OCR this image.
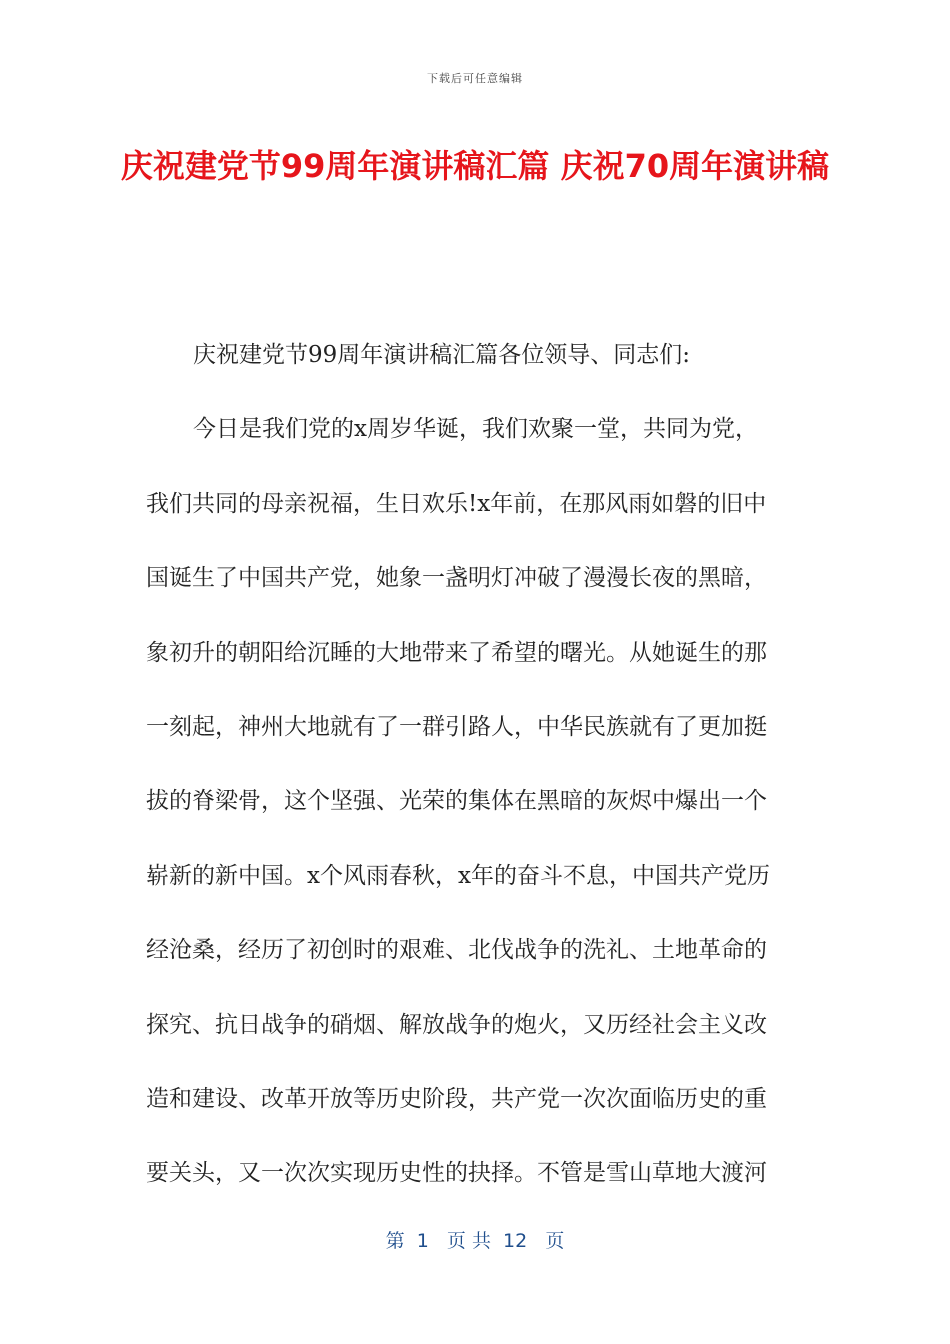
下载后可任意编辑
庆祝建党节99周年演讲稿汇篇 庆祝70周年演讲稿
庆祝建党节99周年演讲稿汇篇各位领导、同志们:
今日是我们党的x周岁华诞，我们欢聚一堂，共同为党，
我们共同的母亲祝福，生日欢乐!x年前，在那风雨如磐的旧中
国诞生了中国共产党，她象一盏明灯冲破了漫漫长夜的黑暗，
象初升的朝阳给沉睡的大地带来了希望的曙光。从她诞生的那
一刻起，神州大地就有了一群引路人，中华民族就有了更加挺
拔的脊梁骨，这个坚强、光荣的集体在黑暗的灰烬中爆出一个
崭新的新中国。x个风雨春秋，x年的奋斗不息，中国共产党历
经沧桑，经历了初创时的艰难、北伐战争的洗礼、土地革命的
探究、抗日战争的硝烟、解放战争的炮火，又历经社会主义改
造和建设、改革开放等历史阶段，共产党一次次面临历史的重
要关头，又一次次实现历史性的抉择。不管是雪山草地大渡河
第  1   页 共  12   页
